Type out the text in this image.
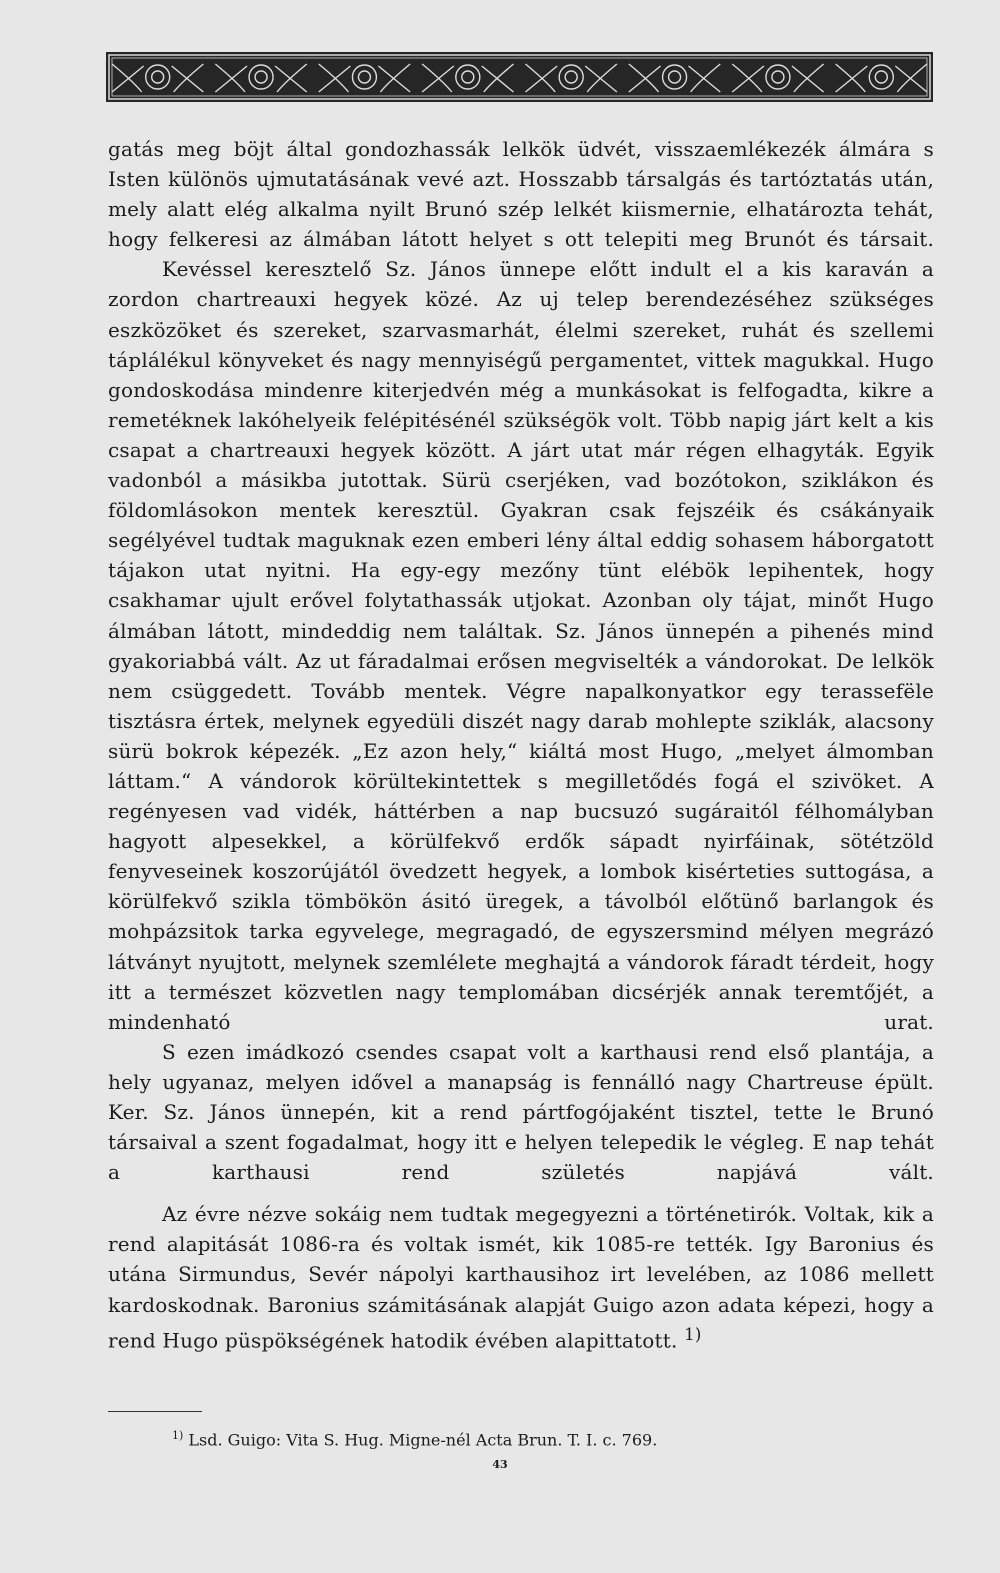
gatás meg böjt által gondozhassák lelkök üdvét, visszaemlékezék álmára s Isten különös ujmutatásának vevé azt. Hosszabb társalgás és tartóztatás után, mely alatt elég alkalma nyilt Brunó szép lelkét kiismernie, elhatározta tehát, hogy felkeresi az álmában látott helyet s ott telepiti meg Brunót és társait.

Kevéssel keresztelő Sz. János ünnepe előtt indult el a kis karaván a zordon chartreauxi hegyek közé. Az uj telep berendezéséhez szükséges eszközöket és szereket, szarvasmarhát, élelmi szereket, ruhát és szellemi táplálékul könyveket és nagy mennyiségű pergamentet, vittek magukkal. Hugo gondoskodása mindenre kiterjedvén még a munkásokat is felfogadta, kikre a remetéknek lakóhelyeik felépitésénél szükségök volt. Több napig járt kelt a kis csapat a chartreauxi hegyek között. A járt utat már régen elhagyták. Egyik vadonból a másikba jutottak. Sürü cserjéken, vad bozótokon, sziklákon és földomlásokon mentek keresztül. Gyakran csak fejszéik és csákányaik segélyével tudtak maguknak ezen emberi lény által eddig sohasem háborgatott tájakon utat nyitni. Ha egy-egy mezőny tünt elébök lepihentek, hogy csakhamar ujult erővel folytathassák utjokat. Azonban oly tájat, minőt Hugo álmában látott, mindeddig nem találtak. Sz. János ünnepén a pihenés mind gyakoriabbá vált. Az ut fáradalmai erősen megviselték a vándorokat. De lelkök nem csüggedett. Tovább mentek. Végre napalkonyatkor egy terassefële tisztásra értek, melynek egyedüli diszét nagy darab mohlepte sziklák, alacsony sürü bokrok képezék. „Ez azon hely,“ kiáltá most Hugo, „melyet álmomban láttam.“ A vándorok körültekintettek s megilletődés fogá el szivöket. A regényesen vad vidék, háttérben a nap bucsuzó sugáraitól félhomályban hagyott alpesekkel, a körülfekvő erdők sápadt nyirfáinak, sötétzöld fenyveseinek koszorújától övedzett hegyek, a lombok kisérteties suttogása, a körülfekvő szikla tömbökön ásitó üregek, a távolból előtünő barlangok és mohpázsitok tarka egyvelege, megragadó, de egyszersmind mélyen megrázó látványt nyujtott, melynek szemlélete meghajtá a vándorok fáradt térdeit, hogy itt a természet közvetlen nagy templomában dicsérjék annak teremtőjét, a mindenható urat.

S ezen imádkozó csendes csapat volt a karthausi rend első plantája, a hely ugyanaz, melyen idővel a manapság is fennálló nagy Chartreuse épült. Ker. Sz. János ünnepén, kit a rend pártfogójaként tisztel, tette le Brunó társaival a szent fogadalmat, hogy itt e helyen telepedik le végleg. E nap tehát a karthausi rend születés napjává vált.

Az évre nézve sokáig nem tudtak megegyezni a történetirók. Voltak, kik a rend alapitását 1086-ra és voltak ismét, kik 1085-re tették. Igy Baronius és utána Sirmundus, Sevér nápolyi karthausihoz irt levelében, az 1086 mellett kardoskodnak. Baronius számitásának alapját Guigo azon adata képezi, hogy a rend Hugo püspökségének hatodik évében alapittatott. $^{1)}$

$^{1)}$ Lsd. Guigo: Vita S. Hug. Migne-nél Acta Brun. T. I. c. 769.
43
